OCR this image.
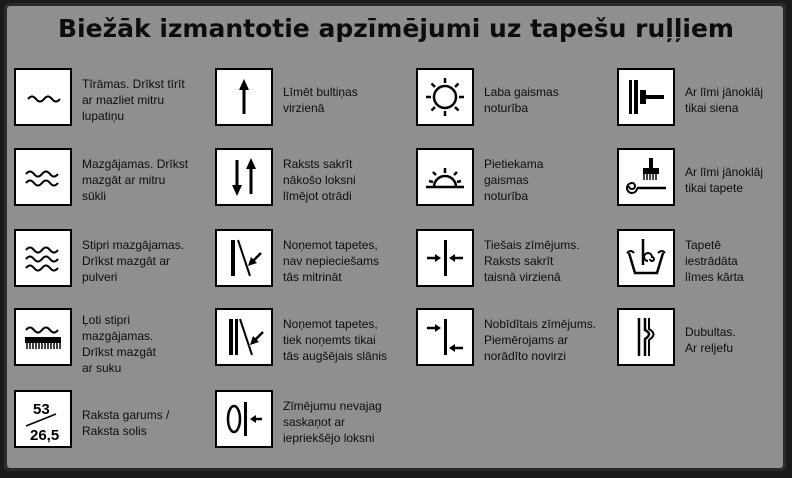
Biežāk izmantotie apzīmējumi uz tapešu ruļļiem
Tīrāmas. Drīkst tīrīt
ar mazliet mitru
lupatiņu
Mazgājamas. Drīkst
mazgāt ar mitru
sūkli
Stipri mazgājamas.
Drīkst mazgāt ar
pulveri
Ļoti stipri
mazgājamas.
Drīkst mazgāt
ar suku
53
26,5
Raksta garums /
Raksta solis
Līmēt bultiņas
virzienā
Raksts sakrīt
nākošo loksni
līmējot otrādi
Noņemot tapetes,
nav nepieciešams
tās mitrināt
Noņemot tapetes,
tiek noņemts tikai
tās augšējais slānis
Zīmējumu nevajag
saskaņot ar
iepriekšējo loksni
Laba gaismas
noturība
Pietiekama
gaismas
noturība
Tiešais zīmējums.
Raksts sakrīt
taisnā virzienā
Nobīdītais zīmējums.
Piemērojams ar
norādīto novirzi
Ar līmi jānoklāj
tikai siena
Ar līmi jānoklāj
tikai tapete
Tapetē
iestrādāta
līmes kārta
Dubultas.
Ar reljefu
